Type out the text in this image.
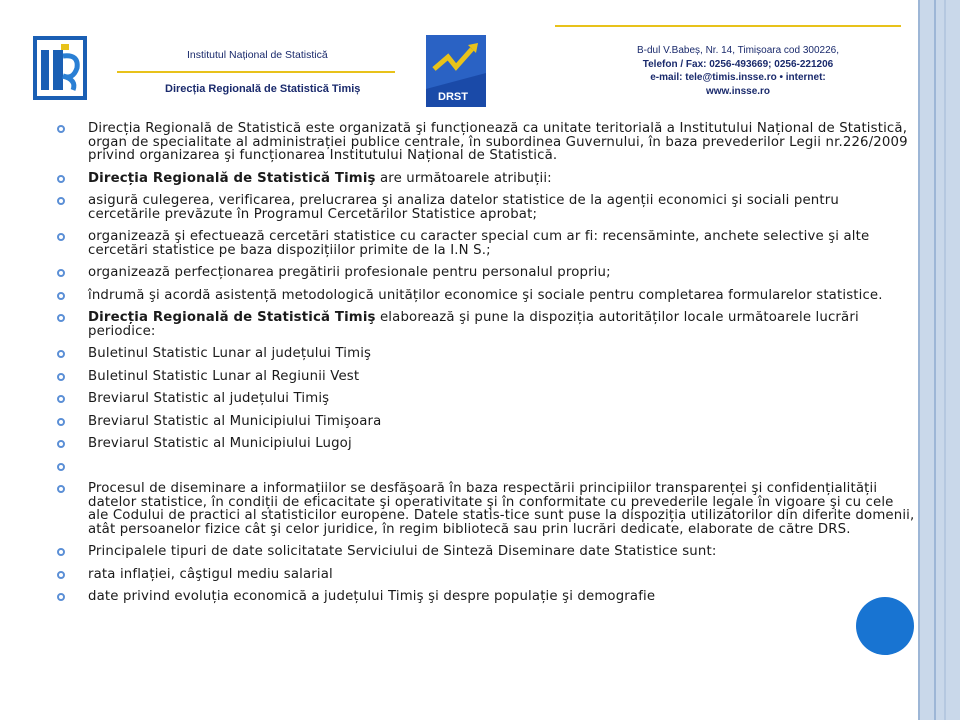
Institutul Național de Statistică
Direcția Regională de Statistică Timiș
DRST
B-dul V.Babeș, Nr. 14, Timișoara cod 300226,
Telefon / Fax: 0256-493669; 0256-221206
e-mail: tele@timis.insse.ro • internet: www.insse.ro
Direcția Regională de Statistică este organizată şi funcționează ca unitate teritorială a Institutului Național de Statistică, organ de specialitate al administrației publice centrale, în subordinea Guvernului, în baza prevederilor Legii nr.226/2009 privind organizarea şi funcționarea Institutului Național de Statistică.
Direcția Regională de Statistică Timiş are următoarele atribuții:
asigură culegerea, verificarea, prelucrarea şi analiza datelor statistice de la agenții economici şi sociali pentru cercetările prevăzute în Programul Cercetărilor Statistice aprobat;
organizează şi efectuează cercetări statistice cu caracter special cum ar fi: recensăminte, anchete selective şi alte cercetări statistice pe baza dispozițiilor primite de la I.N S.;
organizează perfecționarea pregătirii profesionale pentru personalul propriu;
îndrumă şi acordă asistență metodologică unităților economice şi sociale pentru completarea formularelor statistice.
Direcția Regională de Statistică Timiş elaborează şi pune la dispoziția autorităților locale următoarele lucrări periodice:
Buletinul Statistic Lunar al județului Timiş
Buletinul Statistic Lunar al Regiunii Vest
Breviarul Statistic al județului Timiş
Breviarul Statistic al Municipiului Timişoara
Breviarul Statistic al Municipiului Lugoj
Procesul de diseminare a informațiilor se desfăşoară în baza respectării principiilor transparenței şi confidențialității datelor statistice, în condiții de eficacitate şi operativitate şi în conformitate cu prevederile legale în vigoare şi cu cele ale Codului de practici al statisticilor europene. Datele statis-tice sunt puse la dispoziția utilizatorilor din diferite domenii, atât persoanelor fizice cât şi celor juridice, în regim bibliotecă sau prin lucrări dedicate, elaborate de către DRS.
Principalele tipuri de date solicitatate Serviciului de Sinteză Diseminare date Statistice sunt:
rata inflației, câştigul mediu salarial
date privind evoluția economică a județului Timiş şi despre populație şi demografie
